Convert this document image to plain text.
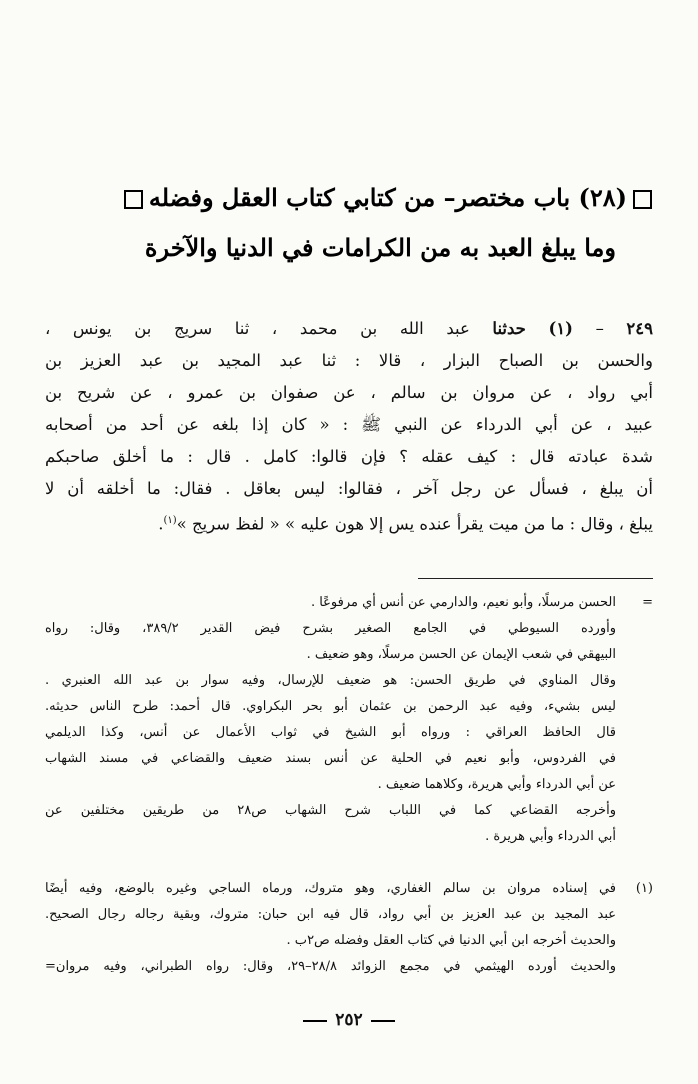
(٢٨) باب مختصر– من كتابي كتاب العقل وفضله
وما يبلغ العبد به من الكرامات في الدنيا والآخرة
٢٤٩ – (١) حدثنا عبد الله بن محمد ، ثنا سريج بن يونس ،
والحسن بن الصباح البزار ، قالا : ثنا عبد المجيد بن عبد العزيز بن
أبي رواد ، عن مروان بن سالم ، عن صفوان بن عمرو ، عن شريح بن
عبيد ، عن أبي الدرداء عن النبي ﷺ : « كان إذا بلغه عن أحد من أصحابه
شدة عبادته قال : كيف عقله ؟ فإن قالوا: كامل . قال : ما أخلق صاحبكم
أن يبلغ ، فسأل عن رجل آخر ، فقالوا: ليس بعاقل . فقال: ما أخلقه أن لا
يبلغ ، وقال : ما من ميت يقرأ عنده يس إلا هون عليه » « لفظ سريج »$^{(١)}$.
=
الحسن مرسلًا، وأبو نعيم، والدارمي عن أنس أي مرفوعًا .
وأورده السيوطي في الجامع الصغير بشرح فيض القدير ٣٨٩/٢، وقال: رواه
البيهقي في شعب الإيمان عن الحسن مرسلًا، وهو ضعيف .
وقال المناوي في طريق الحسن: هو ضعيف للإرسال، وفيه سوار بن عبد الله العنبري .
ليس بشيء، وفيه عبد الرحمن بن عثمان أبو بحر البكراوي. قال أحمد: طرح الناس حديثه.
قال الحافظ العراقي : ورواه أبو الشيخ في ثواب الأعمال عن أنس، وكذا الديلمي
في الفردوس، وأبو نعيم في الحلية عن أنس بسند ضعيف والقضاعي في مسند الشهاب
عن أبي الدرداء وأبي هريرة، وكلاهما ضعيف .
وأخرجه القضاعي كما في اللباب شرح الشهاب ص٢٨ من طريقين مختلفين عن
أبي الدرداء وأبي هريرة .
(١)
في إسناده مروان بن سالم الغفاري، وهو متروك، ورماه الساجي وغيره بالوضع، وفيه أيضًا
عبد المجيد بن عبد العزيز بن أبي رواد، قال فيه ابن حبان: متروك، وبقية رجاله رجال الصحيح.
والحديث أخرجه ابن أبي الدنيا في كتاب العقل وفضله ص٢ب .
والحديث أورده الهيثمي في مجمع الزوائد ٢٨/٨–٢٩، وقال: رواه الطبراني، وفيه مروان=
٢٥٢
